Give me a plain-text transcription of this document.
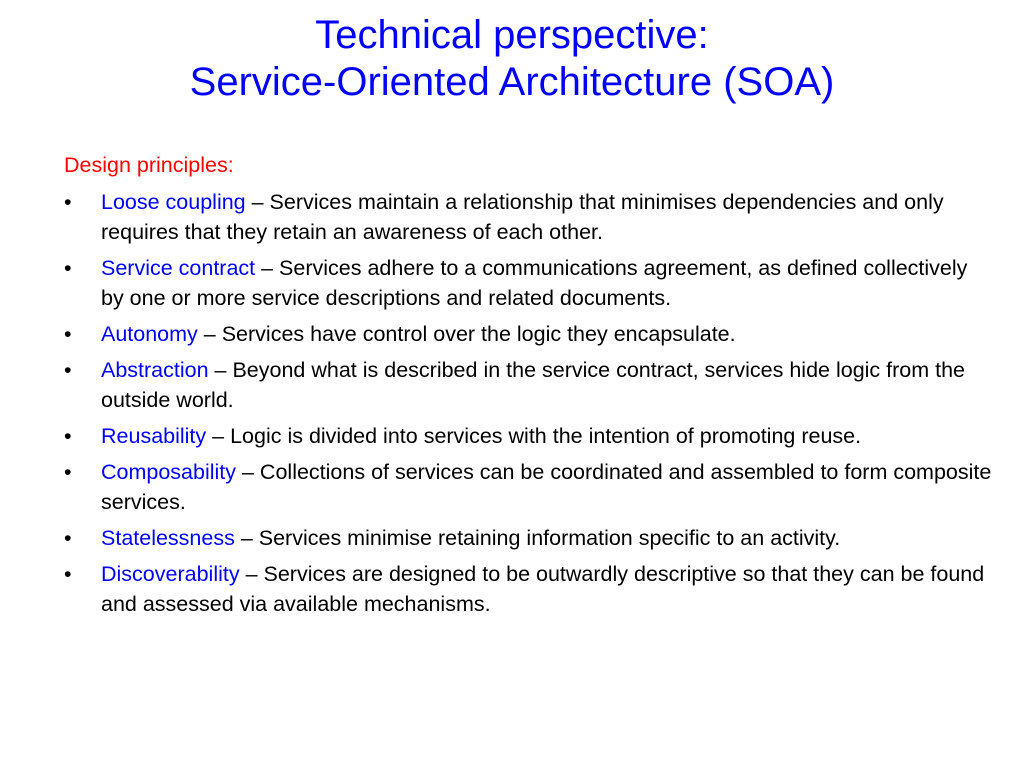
Technical perspective:
Service-Oriented Architecture (SOA)
Design principles:
• Loose coupling – Services maintain a relationship that minimises dependencies and only requires that they retain an awareness of each other.
• Service contract – Services adhere to a communications agreement, as defined collectively by one or more service descriptions and related documents.
• Autonomy – Services have control over the logic they encapsulate.
• Abstraction – Beyond what is described in the service contract, services hide logic from the outside world.
• Reusability – Logic is divided into services with the intention of promoting reuse.
• Composability – Collections of services can be coordinated and assembled to form composite services.
• Statelessness – Services minimise retaining information specific to an activity.
• Discoverability – Services are designed to be outwardly descriptive so that they can be found and assessed via available mechanisms.
